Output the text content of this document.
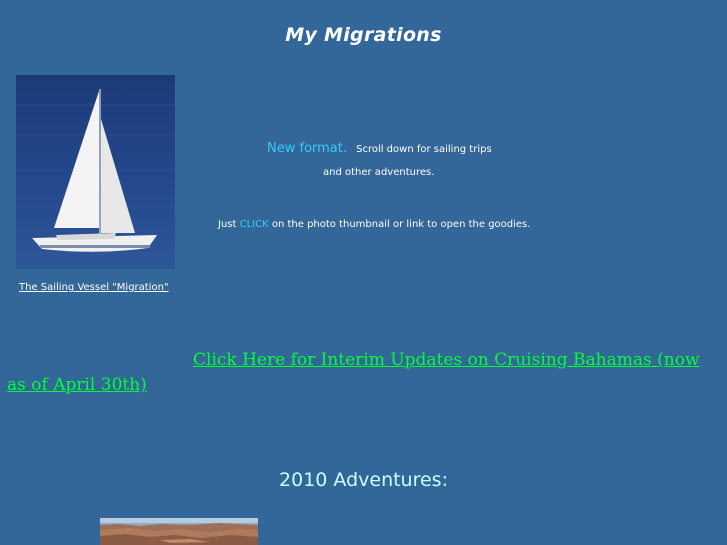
My Migrations
The Sailing Vessel "Migration"
New format. Scroll down for sailing trips
and other adventures.
Just CLICK on the photo thumbnail or link to open the goodies.
Click Here for Interim Updates on Cruising Bahamas (now as of April 30th)
2010 Adventures:
